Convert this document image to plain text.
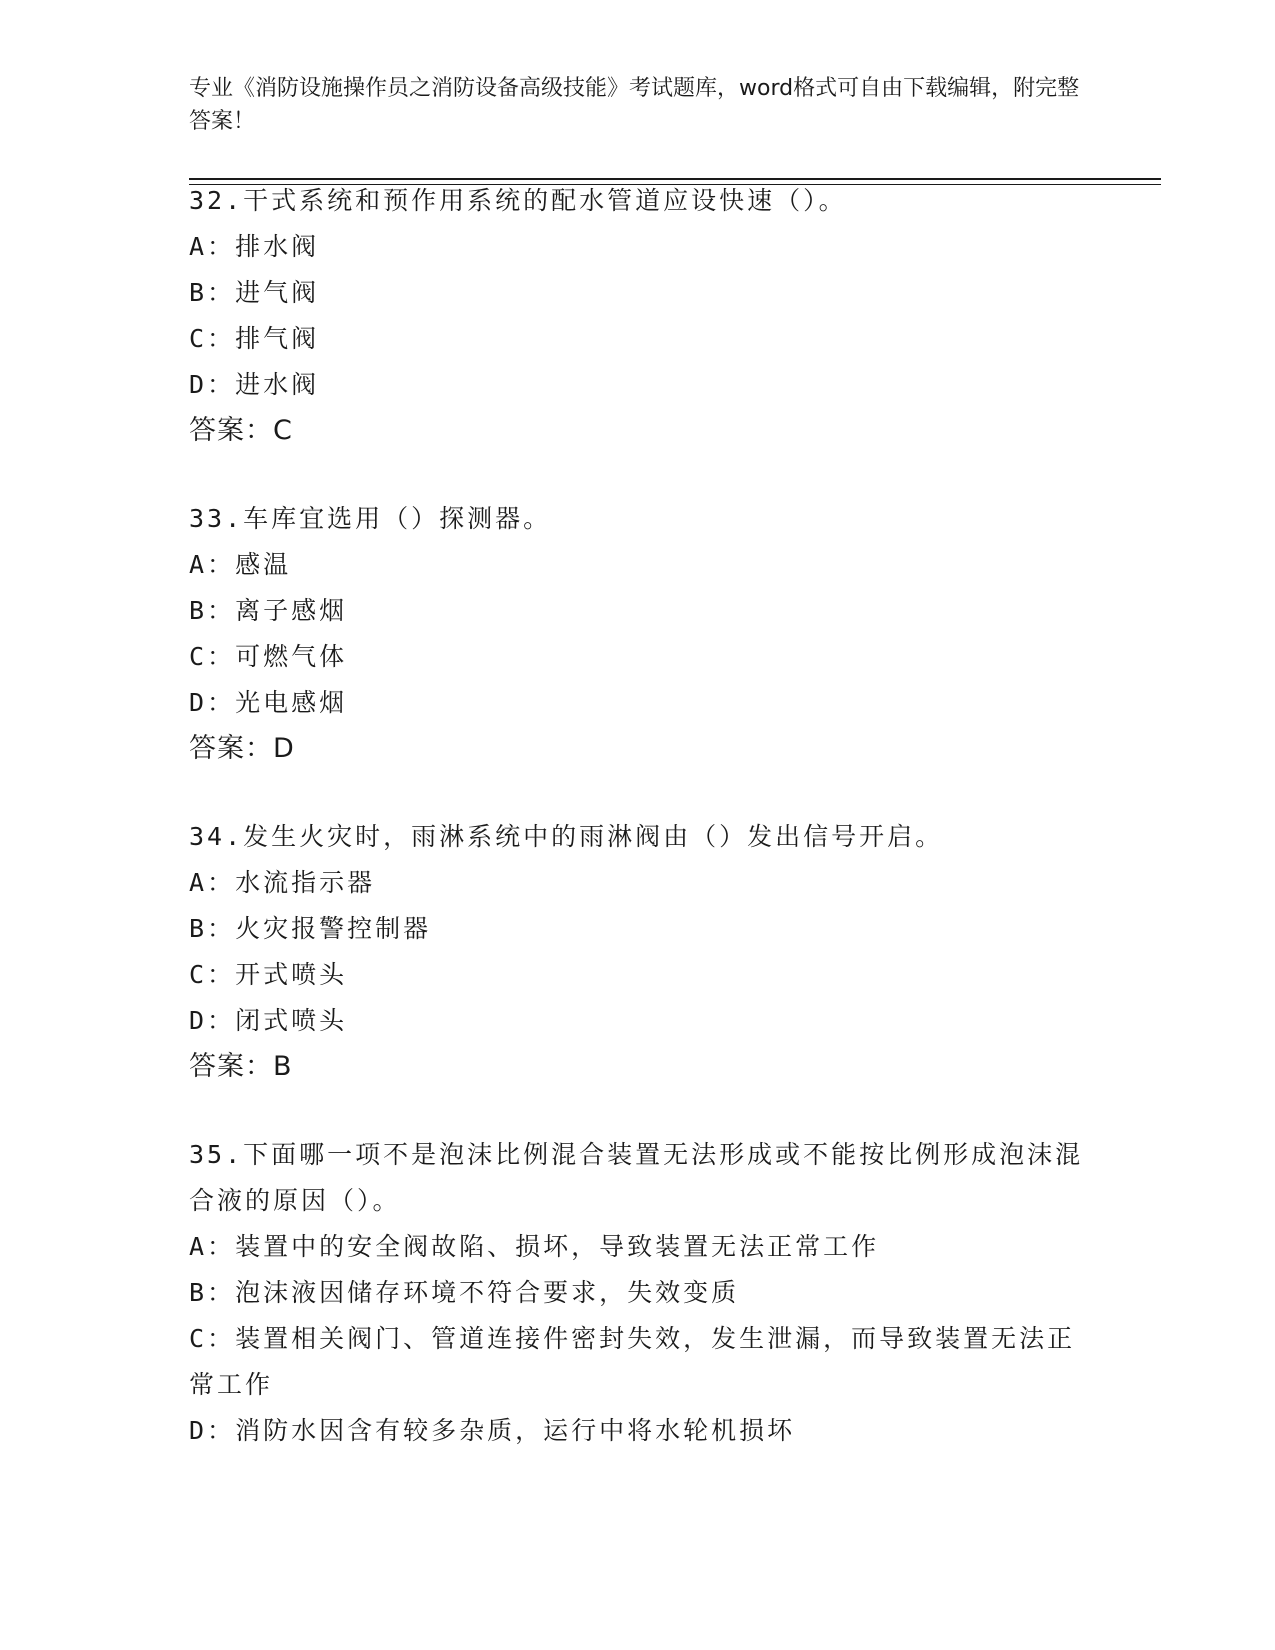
专业《消防设施操作员之消防设备高级技能》考试题库，word格式可自由下载编辑，附完整答案！
32.干式系统和预作用系统的配水管道应设快速（）。
A：排水阀
B：进气阀
C：排气阀
D：进水阀
答案：C
33.车库宜选用（）探测器。
A：感温
B：离子感烟
C：可燃气体
D：光电感烟
答案：D
34.发生火灾时，雨淋系统中的雨淋阀由（）发出信号开启。
A：水流指示器
B：火灾报警控制器
C：开式喷头
D：闭式喷头
答案：B
35.下面哪一项不是泡沫比例混合装置无法形成或不能按比例形成泡沫混合液的原因（）。
A：装置中的安全阀故陷、损坏，导致装置无法正常工作
B：泡沫液因储存环境不符合要求，失效变质
C：装置相关阀门、管道连接件密封失效，发生泄漏，而导致装置无法正常工作
D：消防水因含有较多杂质，运行中将水轮机损坏
